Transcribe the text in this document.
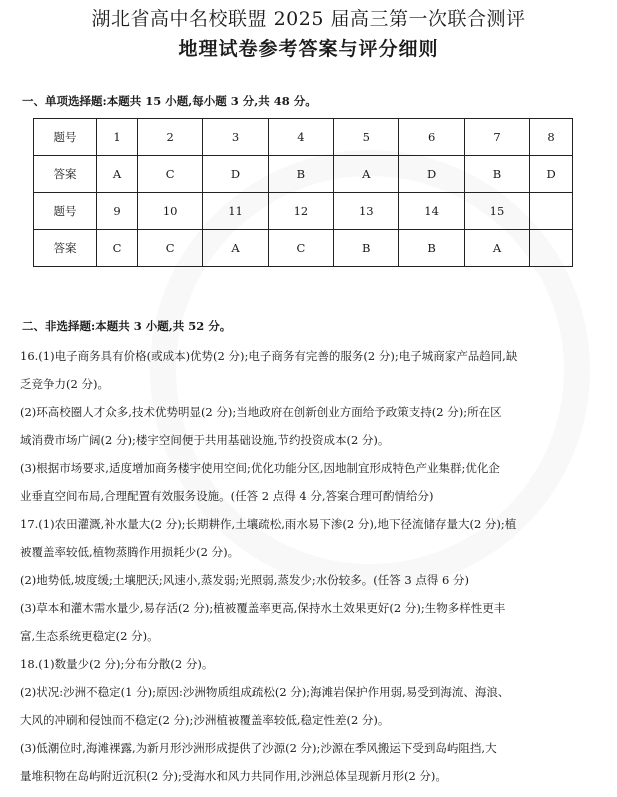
湖北省高中名校联盟 2025 届高三第一次联合测评
地理试卷参考答案与评分细则
一、单项选择题:本题共 15 小题,每小题 3 分,共 48 分。
题号	1	2	3	4	5	6	7	8
答案	A	C	D	B	A	D	B	D
题号	9	10	11	12	13	14	15	
答案	C	C	A	C	B	B	A	
二、非选择题:本题共 3 小题,共 52 分。

16.(1)电子商务具有价格(或成本)优势(2 分);电子商务有完善的服务(2 分);电子城商家产品趋同,缺

乏竞争力(2 分)。

(2)环高校圈人才众多,技术优势明显(2 分);当地政府在创新创业方面给予政策支持(2 分);所在区

域消费市场广阔(2 分);楼宇空间便于共用基础设施,节约投资成本(2 分)。

(3)根据市场要求,适度增加商务楼宇使用空间;优化功能分区,因地制宜形成特色产业集群;优化企

业垂直空间布局,合理配置有效服务设施。(任答 2 点得 4 分,答案合理可酌情给分)

17.(1)农田灌溉,补水量大(2 分);长期耕作,土壤疏松,雨水易下渗(2 分),地下径流储存量大(2 分);植

被覆盖率较低,植物蒸腾作用损耗少(2 分)。

(2)地势低,坡度缓;土壤肥沃;风速小,蒸发弱;光照弱,蒸发少;水份较多。(任答 3 点得 6 分)

(3)草本和灌木需水量少,易存活(2 分);植被覆盖率更高,保持水土效果更好(2 分);生物多样性更丰

富,生态系统更稳定(2 分)。

18.(1)数量少(2 分);分布分散(2 分)。

(2)状况:沙洲不稳定(1 分);原因:沙洲物质组成疏松(2 分);海滩岩保护作用弱,易受到海流、海浪、

大风的冲刷和侵蚀而不稳定(2 分);沙洲植被覆盖率较低,稳定性差(2 分)。

(3)低潮位时,海滩裸露,为新月形沙洲形成提供了沙源(2 分);沙源在季风搬运下受到岛屿阻挡,大

量堆积物在岛屿附近沉积(2 分);受海水和风力共同作用,沙洲总体呈现新月形(2 分)。
